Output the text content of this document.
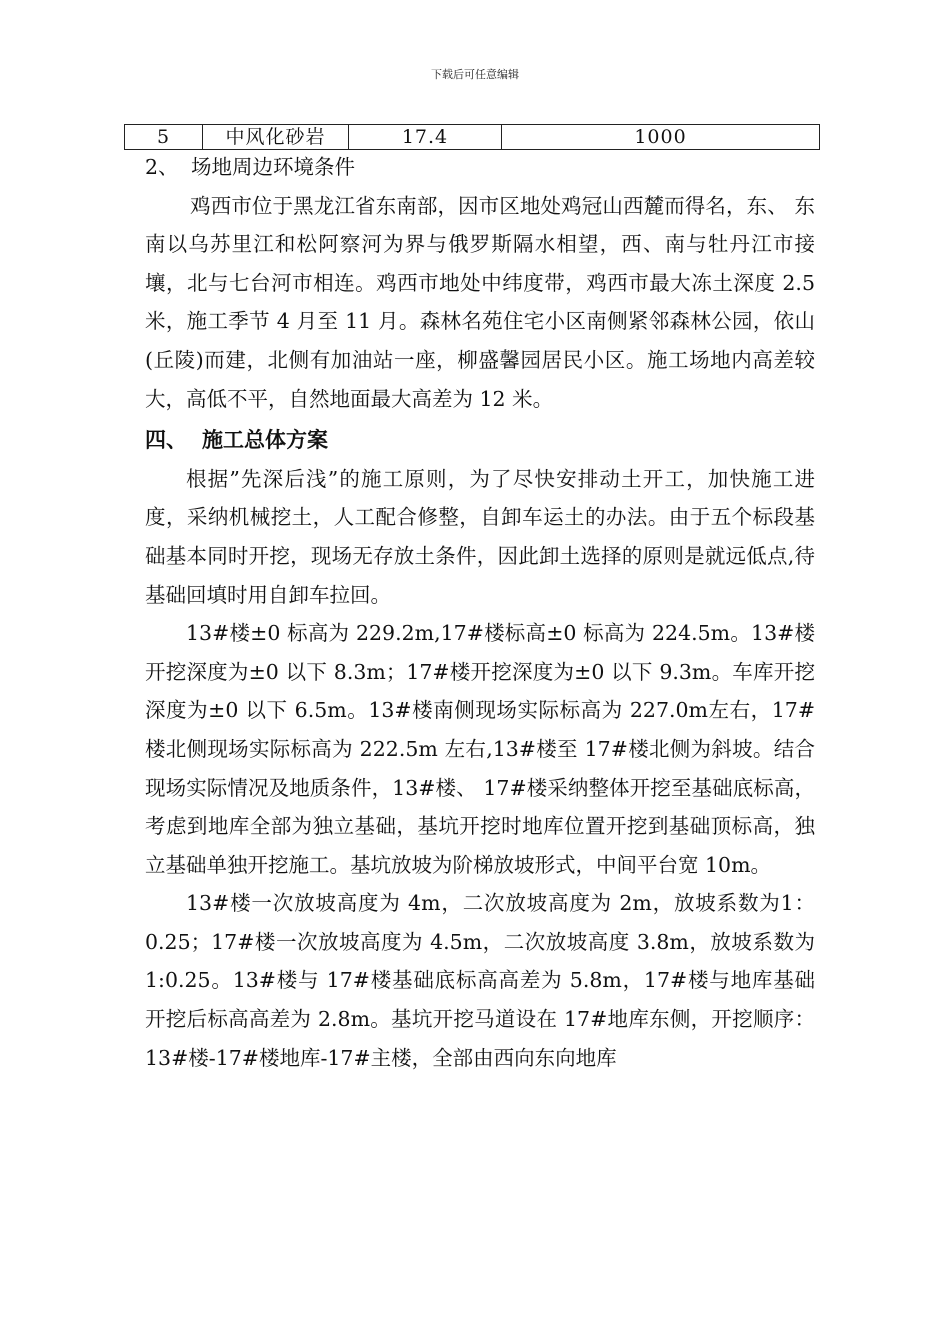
下载后可任意编辑
5	中风化砂岩	17.4	1000

2、 场地周边环境条件

鸡西市位于黑龙江省东南部，因市区地处鸡冠山西麓而得名，东、 东南以乌苏里江和松阿察河为界与俄罗斯隔水相望，西、南与牡丹江市接壤，北与七台河市相连。鸡西市地处中纬度带，鸡西市最大冻土深度 2.5 米，施工季节 4 月至 11 月。森林名苑住宅小区南侧紧邻森林公园，依山(丘陵)而建，北侧有加油站一座，柳盛馨园居民小区。施工场地内高差较大，高低不平，自然地面最大高差为 12 米。

四、 施工总体方案

根据”先深后浅”的施工原则，为了尽快安排动土开工，加快施工进度，采纳机械挖土，人工配合修整，自卸车运土的办法。由于五个标段基础基本同时开挖，现场无存放土条件，因此卸土选择的原则是就远低点,待基础回填时用自卸车拉回。

13#楼±0 标高为 229.2m,17#楼标高±0 标高为 224.5m。13#楼开挖深度为±0 以下 8.3m；17#楼开挖深度为±0 以下 9.3m。车库开挖深度为±0 以下 6.5m。13#楼南侧现场实际标高为 227.0m左右，17#楼北侧现场实际标高为 222.5m 左右,13#楼至 17#楼北侧为斜坡。结合现场实际情况及地质条件，13#楼、 17#楼采纳整体开挖至基础底标高，考虑到地库全部为独立基础，基坑开挖时地库位置开挖到基础顶标高，独立基础单独开挖施工。基坑放坡为阶梯放坡形式，中间平台宽 10m。

13#楼一次放坡高度为 4m，二次放坡高度为 2m，放坡系数为1：0.25；17#楼一次放坡高度为 4.5m，二次放坡高度 3.8m，放坡系数为 1:0.25。13#楼与 17#楼基础底标高高差为 5.8m，17#楼与地库基础开挖后标高高差为 2.8m。基坑开挖马道设在 17#地库东侧，开挖顺序：13#楼-17#楼地库-17#主楼，全部由西向东向地库
